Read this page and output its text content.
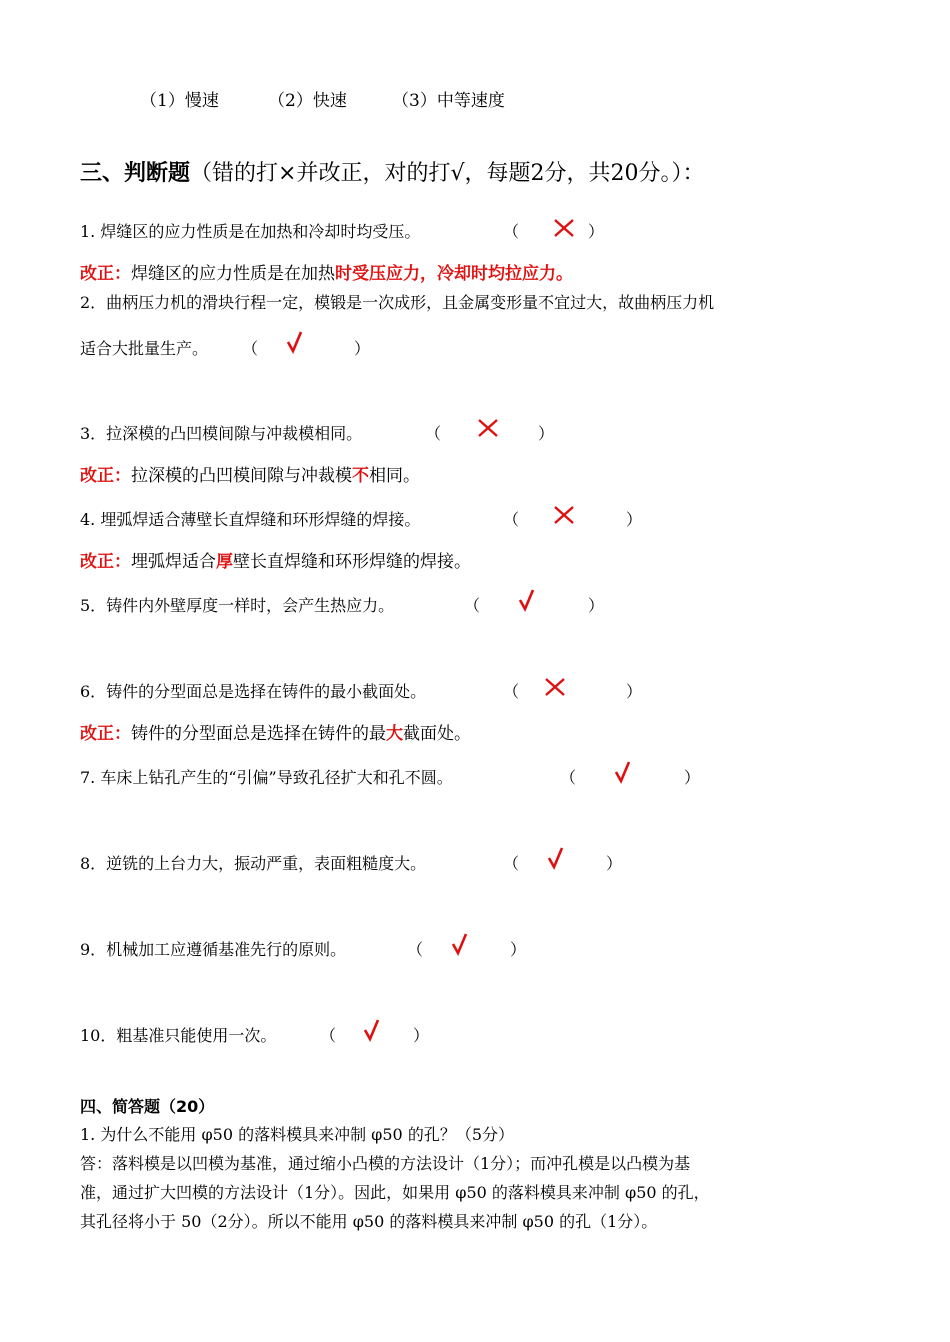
（1）慢速	（2）快速	（3）中等速度
三、判断题（错的打×并改正，对的打√，每题2分，共20分。）：
1. 焊缝区的应力性质是在加热和冷却时均受压。	（	）
改正：焊缝区的应力性质是在加热时受压应力，冷却时均拉应力。
2．曲柄压力机的滑块行程一定，模锻是一次成形，且金属变形量不宜过大，故曲柄压力机
适合大批量生产。 （	）
3．拉深模的凸凹模间隙与冲裁模相同。	（	）
改正：拉深模的凸凹模间隙与冲裁模不相同。
4. 埋弧焊适合薄壁长直焊缝和环形焊缝的焊接。	（	）
改正：埋弧焊适合厚壁长直焊缝和环形焊缝的焊接。
5．铸件内外壁厚度一样时，会产生热应力。	（	）
6．铸件的分型面总是选择在铸件的最小截面处。	（	）
改正：铸件的分型面总是选择在铸件的最大截面处。
7. 车床上钻孔产生的“引偏”导致孔径扩大和孔不圆。	（	）
8．逆铣的上台力大，振动严重，表面粗糙度大。	（	）
9．机械加工应遵循基准先行的原则。	（	）
10．粗基准只能使用一次。	（	）
四、简答题（20）
1. 为什么不能用 φ50 的落料模具来冲制 φ50 的孔？（5分）
答：落料模是以凹模为基准，通过缩小凸模的方法设计（1分）；而冲孔模是以凸模为基
准，通过扩大凹模的方法设计（1分）。因此，如果用 φ50 的落料模具来冲制 φ50 的孔，
其孔径将小于 50（2分）。所以不能用 φ50 的落料模具来冲制 φ50 的孔（1分）。
